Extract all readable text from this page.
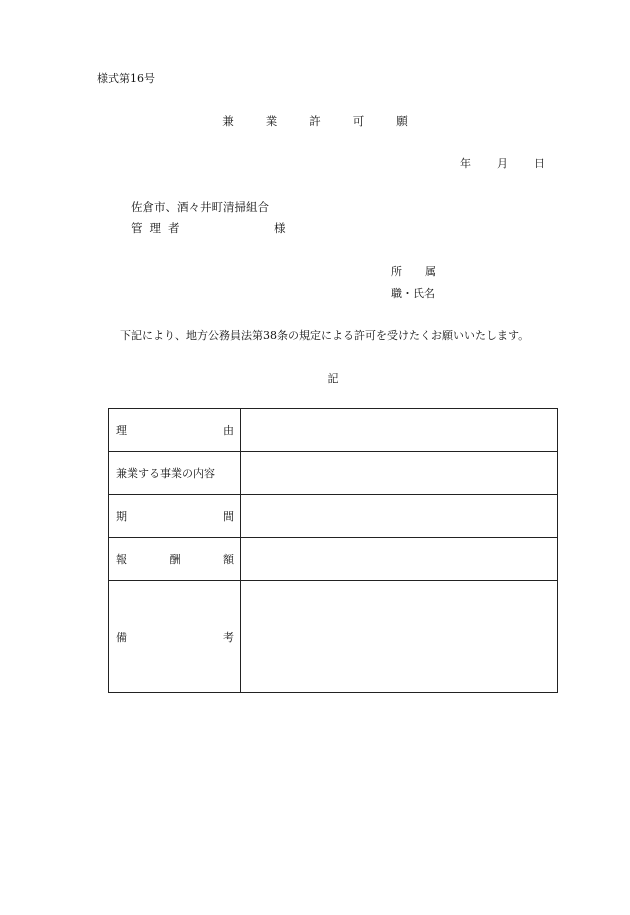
様式第16号
兼	業	許	可	願
年 月 日
佐倉市、酒々井町清掃組合
管 理 者	様
所 属
職・氏名
下記により、地方公務員法第38条の規定による許可を受けたくお願いいたします。
記
理 由	

兼業する事業の内容	

期 間	

報 酬 額	

備 考	
